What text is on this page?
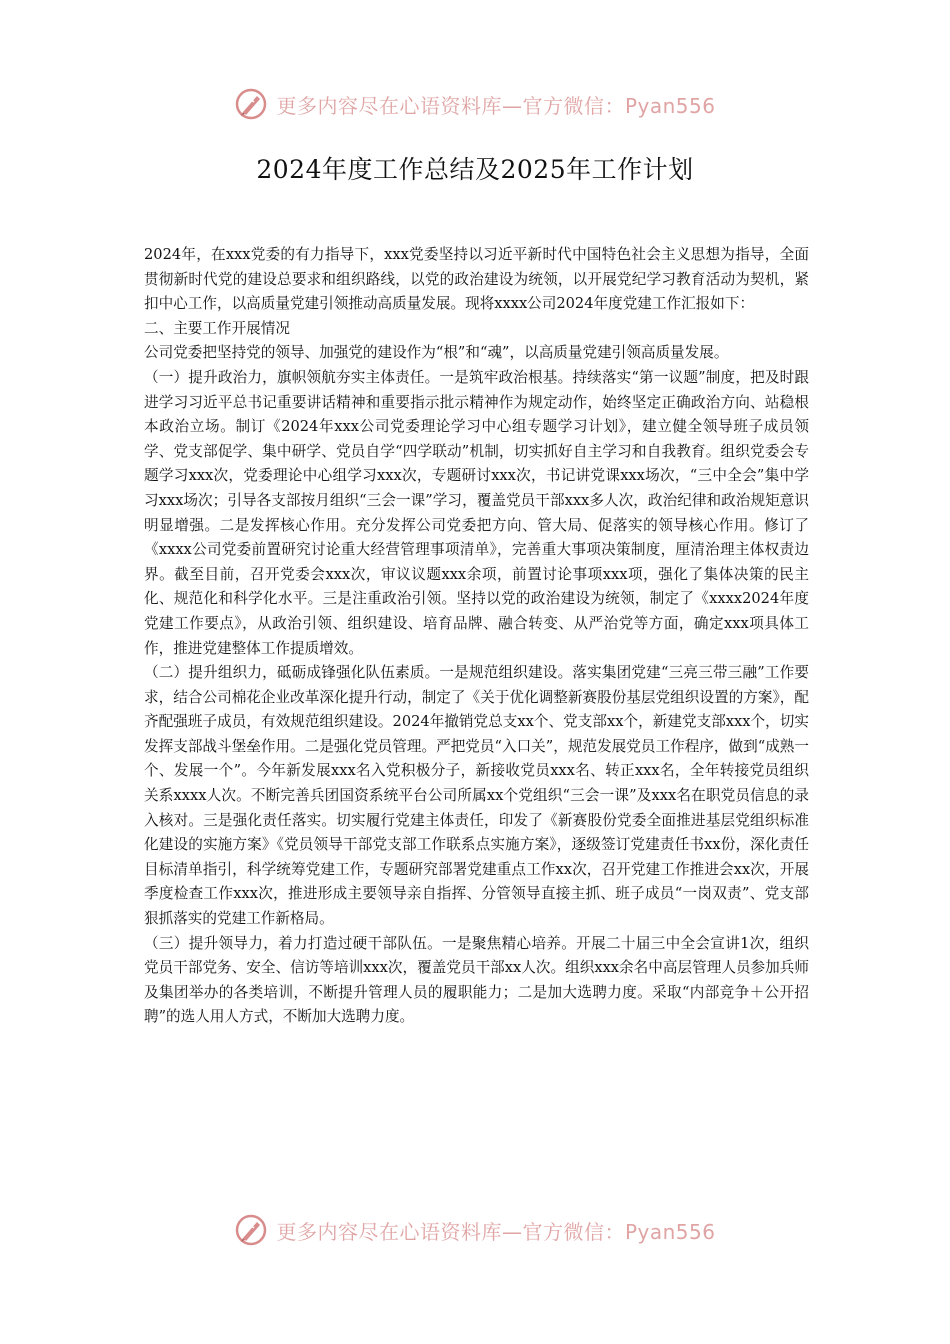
更多内容尽在心语资料库—官方微信：Pyan556
2024年度工作总结及2025年工作计划

2024年，在xxx党委的有力指导下，xxx党委坚持以习近平新时代中国特色社会主义思想为指导，全面贯彻新时代党的建设总要求和组织路线，以党的政治建设为统领，以开展党纪学习教育活动为契机，紧扣中心工作，以高质量党建引领推动高质量发展。现将xxxx公司2024年度党建工作汇报如下：

二、主要工作开展情况

公司党委把坚持党的领导、加强党的建设作为“根”和“魂”，以高质量党建引领高质量发展。

（一）提升政治力，旗帜领航夯实主体责任。一是筑牢政治根基。持续落实“第一议题”制度，把及时跟进学习习近平总书记重要讲话精神和重要指示批示精神作为规定动作，始终坚定正确政治方向、站稳根本政治立场。制订《2024年xxx公司党委理论学习中心组专题学习计划》，建立健全领导班子成员领学、党支部促学、集中研学、党员自学“四学联动”机制，切实抓好自主学习和自我教育。组织党委会专题学习xxx次，党委理论中心组学习xxx次，专题研讨xxx次，书记讲党课xxx场次，“三中全会”集中学习xxx场次；引导各支部按月组织“三会一课”学习，覆盖党员干部xxx多人次，政治纪律和政治规矩意识明显增强。二是发挥核心作用。充分发挥公司党委把方向、管大局、促落实的领导核心作用。修订了《xxxx公司党委前置研究讨论重大经营管理事项清单》，完善重大事项决策制度，厘清治理主体权责边界。截至目前，召开党委会xxx次，审议议题xxx余项，前置讨论事项xxx项，强化了集体决策的民主化、规范化和科学化水平。三是注重政治引领。坚持以党的政治建设为统领，制定了《xxxx2024年度党建工作要点》，从政治引领、组织建设、培育品牌、融合转变、从严治党等方面，确定xxx项具体工作，推进党建整体工作提质增效。

（二）提升组织力，砥砺成锋强化队伍素质。一是规范组织建设。落实集团党建“三亮三带三融”工作要求，结合公司棉花企业改革深化提升行动，制定了《关于优化调整新赛股份基层党组织设置的方案》，配齐配强班子成员，有效规范组织建设。2024年撤销党总支xx个、党支部xx个，新建党支部xxx个，切实发挥支部战斗堡垒作用。二是强化党员管理。严把党员“入口关”，规范发展党员工作程序，做到“成熟一个、发展一个”。今年新发展xxx名入党积极分子，新接收党员xxx名、转正xxx名，全年转接党员组织关系xxxx人次。不断完善兵团国资系统平台公司所属xx个党组织“三会一课”及xxx名在职党员信息的录入核对。三是强化责任落实。切实履行党建主体责任，印发了《新赛股份党委全面推进基层党组织标准化建设的实施方案》《党员领导干部党支部工作联系点实施方案》，逐级签订党建责任书xx份，深化责任目标清单指引，科学统筹党建工作，专题研究部署党建重点工作xx次，召开党建工作推进会xx次，开展季度检查工作xxx次，推进形成主要领导亲自指挥、分管领导直接主抓、班子成员“一岗双责”、党支部狠抓落实的党建工作新格局。

（三）提升领导力，着力打造过硬干部队伍。一是聚焦精心培养。开展二十届三中全会宣讲1次，组织党员干部党务、安全、信访等培训xxx次，覆盖党员干部xx人次。组织xxx余名中高层管理人员参加兵师及集团举办的各类培训，不断提升管理人员的履职能力；二是加大选聘力度。采取“内部竞争＋公开招聘”的选人用人方式，不断加大选聘力度。

更多内容尽在心语资料库—官方微信：Pyan556
